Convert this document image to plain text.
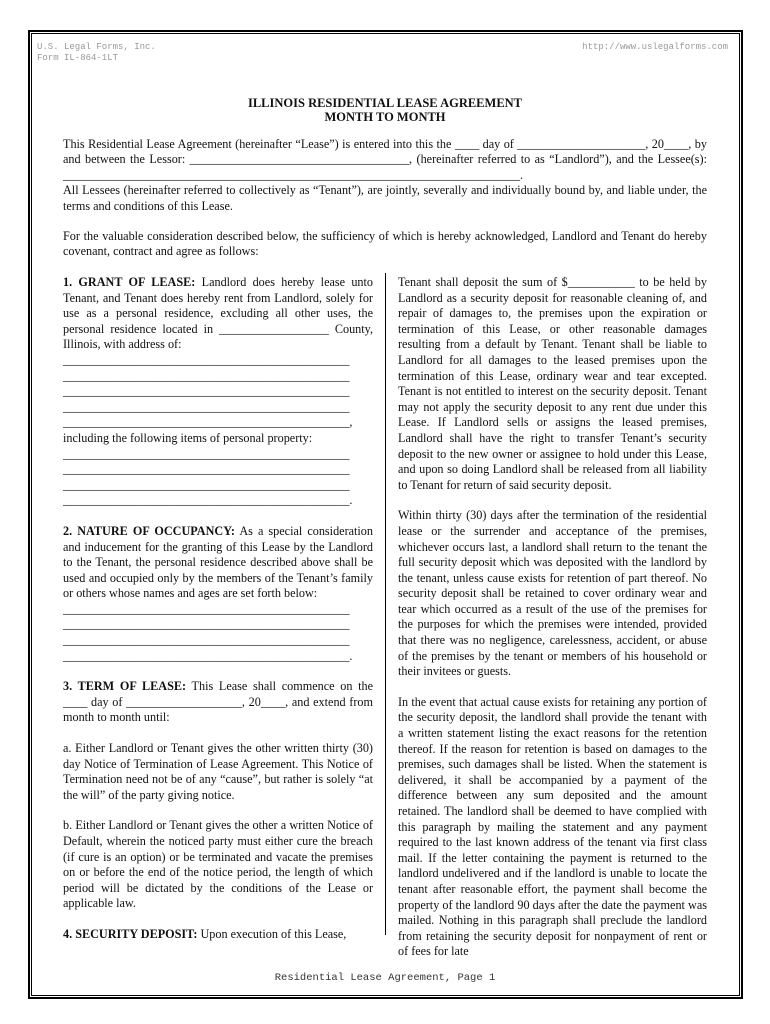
U.S. Legal Forms, Inc.
Form IL-864-1LT
http://www.uslegalforms.com
ILLINOIS RESIDENTIAL LEASE AGREEMENT
MONTH TO MONTH

This Residential Lease Agreement (hereinafter “Lease”) is entered into this the ____ day of _____________________, 20____, by and between the Lessor: ____________________________________, (hereinafter referred to as “Landlord”), and the Lessee(s): ___________________________________________________________________________.

All Lessees (hereinafter referred to collectively as “Tenant”), are jointly, severally and individually bound by, and liable under, the terms and conditions of this Lease.

For the valuable consideration described below, the sufficiency of which is hereby acknowledged, Landlord and Tenant do hereby covenant, contract and agree as follows:

1. GRANT OF LEASE: Landlord does hereby lease unto Tenant, and Tenant does hereby rent from Landlord, solely for use as a personal residence, excluding all other uses, the personal residence located in __________________ County, Illinois, with address of:

_______________________________________________
_______________________________________________
_______________________________________________
_______________________________________________
_______________________________________________,

including the following items of personal property:

_______________________________________________
_______________________________________________
_______________________________________________
_______________________________________________.

2. NATURE OF OCCUPANCY: As a special consideration and inducement for the granting of this Lease by the Landlord to the Tenant, the personal residence described above shall be used and occupied only by the members of the Tenant’s family or others whose names and ages are set forth below:

_______________________________________________
_______________________________________________
_______________________________________________
_______________________________________________.

3. TERM OF LEASE: This Lease shall commence on the ____ day of ___________________, 20____, and extend from month to month until:

a. Either Landlord or Tenant gives the other written thirty (30) day Notice of Termination of Lease Agreement. This Notice of Termination need not be of any “cause”, but rather is solely “at the will” of the party giving notice.

b. Either Landlord or Tenant gives the other a written Notice of Default, wherein the noticed party must either cure the breach (if cure is an option) or be terminated and vacate the premises on or before the end of the notice period, the length of which period will be dictated by the conditions of the Lease or applicable law.

4. SECURITY DEPOSIT: Upon execution of this Lease,

Tenant shall deposit the sum of $___________ to be held by Landlord as a security deposit for reasonable cleaning of, and repair of damages to, the premises upon the expiration or termination of this Lease, or other reasonable damages resulting from a default by Tenant. Tenant shall be liable to Landlord for all damages to the leased premises upon the termination of this Lease, ordinary wear and tear excepted. Tenant is not entitled to interest on the security deposit. Tenant may not apply the security deposit to any rent due under this Lease. If Landlord sells or assigns the leased premises, Landlord shall have the right to transfer Tenant’s security deposit to the new owner or assignee to hold under this Lease, and upon so doing Landlord shall be released from all liability to Tenant for return of said security deposit.

Within thirty (30) days after the termination of the residential lease or the surrender and acceptance of the premises, whichever occurs last, a landlord shall return to the tenant the full security deposit which was deposited with the landlord by the tenant, unless cause exists for retention of part thereof. No security deposit shall be retained to cover ordinary wear and tear which occurred as a result of the use of the premises for the purposes for which the premises were intended, provided that there was no negligence, carelessness, accident, or abuse of the premises by the tenant or members of his household or their invitees or guests.

In the event that actual cause exists for retaining any portion of the security deposit, the landlord shall provide the tenant with a written statement listing the exact reasons for the retention thereof. If the reason for retention is based on damages to the premises, such damages shall be listed. When the statement is delivered, it shall be accompanied by a payment of the difference between any sum deposited and the amount retained. The landlord shall be deemed to have complied with this paragraph by mailing the statement and any payment required to the last known address of the tenant via first class mail. If the letter containing the payment is returned to the landlord undelivered and if the landlord is unable to locate the tenant after reasonable effort, the payment shall become the property of the landlord 90 days after the date the payment was mailed. Nothing in this paragraph shall preclude the landlord from retaining the security deposit for nonpayment of rent or of fees for late

Residential Lease Agreement, Page 1
